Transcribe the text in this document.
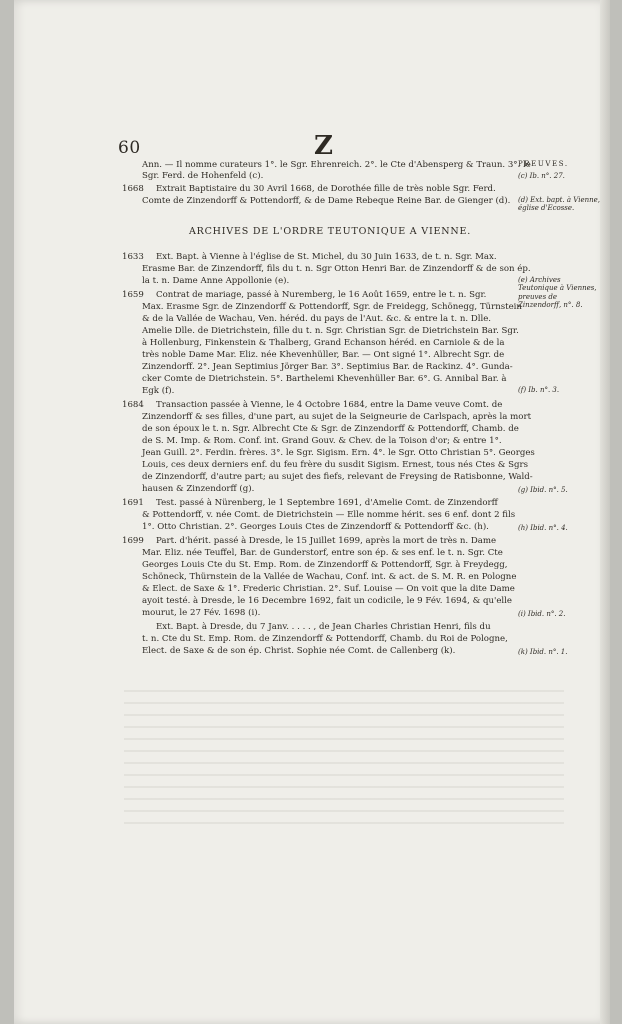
60	Z
PREUVES.
ARCHIVES DE L'ORDRE TEUTONIQUE A VIENNE.
Ann. — Il nomme curateurs 1°. le Sgr. Ehrenreich. 2°. le Cte d'Abensperg & Traun. 3°. le
Sgr. Ferd. de Hohenfeld (c).
1668	Extrait Baptistaire du 30 Avril 1668, de Dorothée fille de très noble Sgr. Ferd.
Comte de Zinzendorff & Pottendorff, & de Dame Rebeque Reine Bar. de Gienger (d).
1633	Ext. Bapt. à Vienne à l'église de St. Michel, du 30 Juin 1633, de t. n. Sgr. Max.
Erasme Bar. de Zinzendorff, fils du t. n. Sgr Otton Henri Bar. de Zinzendorff & de son ép.
la t. n. Dame Anne Appollonie (e).
1659	Contrat de mariage, passé à Nuremberg, le 16 Août 1659, entre le t. n. Sgr.
Max. Erasme Sgr. de Zinzendorff & Pottendorff, Sgr. de Freidegg, Schönegg, Türnstein
& de la Vallée de Wachau, Ven. héréd. du pays de l'Aut. &c. & entre la t. n. Dlle.
Amelie Dlle. de Dietrichstein, fille du t. n. Sgr. Christian Sgr. de Dietrichstein Bar. Sgr.
à Hollenburg, Finkenstein & Thalberg, Grand Echanson héréd. en Carniole & de la
très noble Dame Mar. Eliz. née Khevenhüller, Bar. — Ont signé 1°. Albrecht Sgr. de
Zinzendorff. 2°. Jean Septimius Jörger Bar. 3°. Septimius Bar. de Rackinz. 4°. Gunda-
cker Comte de Dietrichstein. 5°. Barthelemi Khevenhüller Bar. 6°. G. Annibal Bar. à
Egk (f).
1684	Transaction passée à Vienne, le 4 Octobre 1684, entre la Dame veuve Comt. de
Zinzendorff & ses filles, d'une part, au sujet de la Seigneurie de Carlspach, après la mort
de son époux le t. n. Sgr. Albrecht Cte & Sgr. de Zinzendorff & Pottendorff, Chamb. de
de S. M. Imp. & Rom. Conf. int. Grand Gouv. & Chev. de la Toison d'or; & entre 1°.
Jean Guill. 2°. Ferdin. frères. 3°. le Sgr. Sigism. Ern. 4°. le Sgr. Otto Christian 5°. Georges
Louis, ces deux derniers enf. du feu frère du susdit Sigism. Ernest, tous nés Ctes & Sgrs
de Zinzendorff, d'autre part; au sujet des fiefs, relevant de Freysing de Ratisbonne, Wald-
hausen & Zinzendorff (g).
1691	Test. passé à Nürenberg, le 1 Septembre 1691, d'Amelie Comt. de Zinzendorff
& Pottendorff, v. née Comt. de Dietrichstein — Elle nomme hérit. ses 6 enf. dont 2 fils
1°. Otto Christian. 2°. Georges Louis Ctes de Zinzendorff & Pottendorff &c. (h).
1699	Part. d'hérit. passé à Dresde, le 15 Juillet 1699, après la mort de très n. Dame
Mar. Eliz. née Teuffel, Bar. de Gunderstorf, entre son ép. & ses enf. le t. n. Sgr. Cte
Georges Louis Cte du St. Emp. Rom. de Zinzendorff & Pottendorff, Sgr. à Freydegg,
Schöneck, Thürnstein de la Vallée de Wachau, Conf. int. & act. de S. M. R. en Pologne
& Elect. de Saxe & 1°. Frederic Christian. 2°. Suf. Louise — On voit que la dite Dame
ayoit testé. à Dresde, le 16 Decembre 1692, fait un codicile, le 9 Fév. 1694, & qu'elle
mourut, le 27 Fév. 1698 (i).
Ext. Bapt. à Dresde, du 7 Janv. . . . . , de Jean Charles Christian Henri, fils du
t. n. Cte du St. Emp. Rom. de Zinzendorff & Pottendorff, Chamb. du Roi de Pologne,
Elect. de Saxe & de son ép. Christ. Sophie née Comt. de Callenberg (k).
(c) Ib. n°. 27.
(d) Ext. bapt. à Vienne, église d'Ecosse.
(e) Archives Teutonique à Viennes, preuves de Zinzendorff, n°. 8.
(f) Ib. n°. 3.
(g) Ibid. n°. 5.
(h) Ibid. n°. 4.
(i) Ibid. n°. 2.
(k) Ibid. n°. 1.
